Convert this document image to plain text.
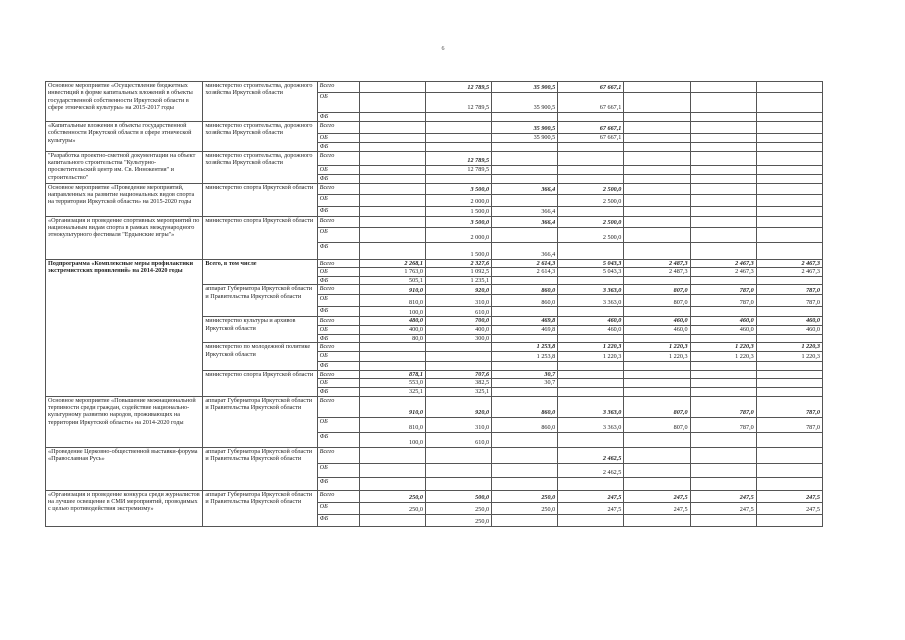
6
Основное мероприятие «Осуществление бюджетных инвестиций в форме капитальных вложений в объекты государственной собственности Иркутской области в сфере этнической культуры» на 2015-2017 годы	министерство строительства, дорожного хозяйства Иркутской области	Всего		12 789,5	35 900,5	67 667,1			
		ОБ		12 789,5	35 900,5	67 667,1			
		ФБ							
«Капитальные вложения в объекты государственной собственности Иркутской области в сфере этнической культуры»	министерство строительства, дорожного хозяйства Иркутской области	Всего			35 900,5	67 667,1			
		ОБ			35 900,5	67 667,1			
		ФБ							
"Разработка проектно-сметной документации на объект капитального строительства "Культурно-просветительский центр им. Св. Иннокентия" и строительство"	министерство строительства, дорожного хозяйства Иркутской области	Всего		12 789,5					
		ОБ		12 789,5					
		ФБ							
Основное мероприятие «Проведение мероприятий, направленных на развитие национальных видов спорта на территории Иркутской области» на 2015-2020 годы	министерство спорта Иркутской области	Всего		3 500,0	366,4	2 500,0			
		ОБ		2 000,0		2 500,0			
		ФБ		1 500,0	366,4				
«Организация и проведение спортивных мероприятий по национальным видам спорта в рамках международного этнокультурного фестиваля "Ердынские игры"»	министерство спорта Иркутской области	Всего		3 500,0	366,4	2 500,0			
		ОБ		2 000,0		2 500,0			
		ФБ		1 500,0	366,4				
Подпрограмма «Комплексные меры профилактики экстремистских проявлений» на 2014-2020 годы	Всего, в том числе	Всего	2 268,1	2 327,6	2 614,3	5 043,3	2 487,3	2 467,3	2 467,3
		ОБ	1 763,0	1 092,5	2 614,3	5 043,3	2 487,3	2 467,3	2 467,3
		ФБ	505,1	1 235,1					
	аппарат Губернатора Иркутской области и Правительства Иркутской области	Всего	910,0	920,0	860,0	3 363,0	807,0	787,0	787,0
		ОБ	810,0	310,0	860,0	3 363,0	807,0	787,0	787,0
		ФБ	100,0	610,0					
	министерство культуры и архивов Иркутской области	Всего	480,0	700,0	469,8	460,0	460,0	460,0	460,0
		ОБ	400,0	400,0	469,8	460,0	460,0	460,0	460,0
		ФБ	80,0	300,0					
	министерство по молодежной политике Иркутской области	Всего			1 253,8	1 220,3	1 220,3	1 220,3	1 220,3
		ОБ			1 253,8	1 220,3	1 220,3	1 220,3	1 220,3
		ФБ							
	министерство спорта Иркутской области	Всего	878,1	707,6	30,7				
		ОБ	553,0	382,5	30,7				
		ФБ	325,1	325,1					
Основное мероприятие «Повышение межнациональной терпимости среди граждан, содействие национально-культурному развитию народов, проживающих на территории Иркутской области» на 2014-2020 годы	аппарат Губернатора Иркутской области и Правительства Иркутской области	Всего	910,0	920,0	860,0	3 363,0	807,0	787,0	787,0
		ОБ	810,0	310,0	860,0	3 363,0	807,0	787,0	787,0
		ФБ	100,0	610,0					
«Проведение Церковно-общественной выставки-форума «Православная Русь»	аппарат Губернатора Иркутской области и Правительства Иркутской области	Всего				2 462,5			
		ОБ				2 462,5			
		ФБ							
«Организация и проведение конкурса среди журналистов на лучшее освещение в СМИ мероприятий, проводимых с целью противодействия экстремизму»	аппарат Губернатора Иркутской области и Правительства Иркутской области	Всего	250,0	500,0	250,0	247,5	247,5	247,5	247,5
		ОБ	250,0	250,0	250,0	247,5	247,5	247,5	247,5
		ФБ		250,0					
